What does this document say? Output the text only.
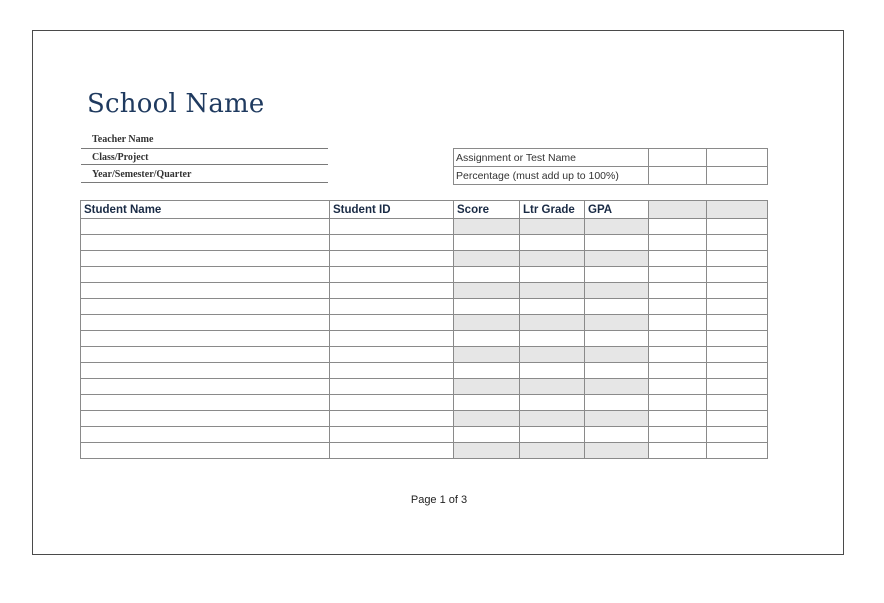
School Name
Teacher Name
Class/Project
Year/Semester/Quarter
Assignment or Test Name		
Percentage (must add up to 100%)		
Student Name	Student ID	Score	Ltr Grade	GPA		

Page 1 of 3
